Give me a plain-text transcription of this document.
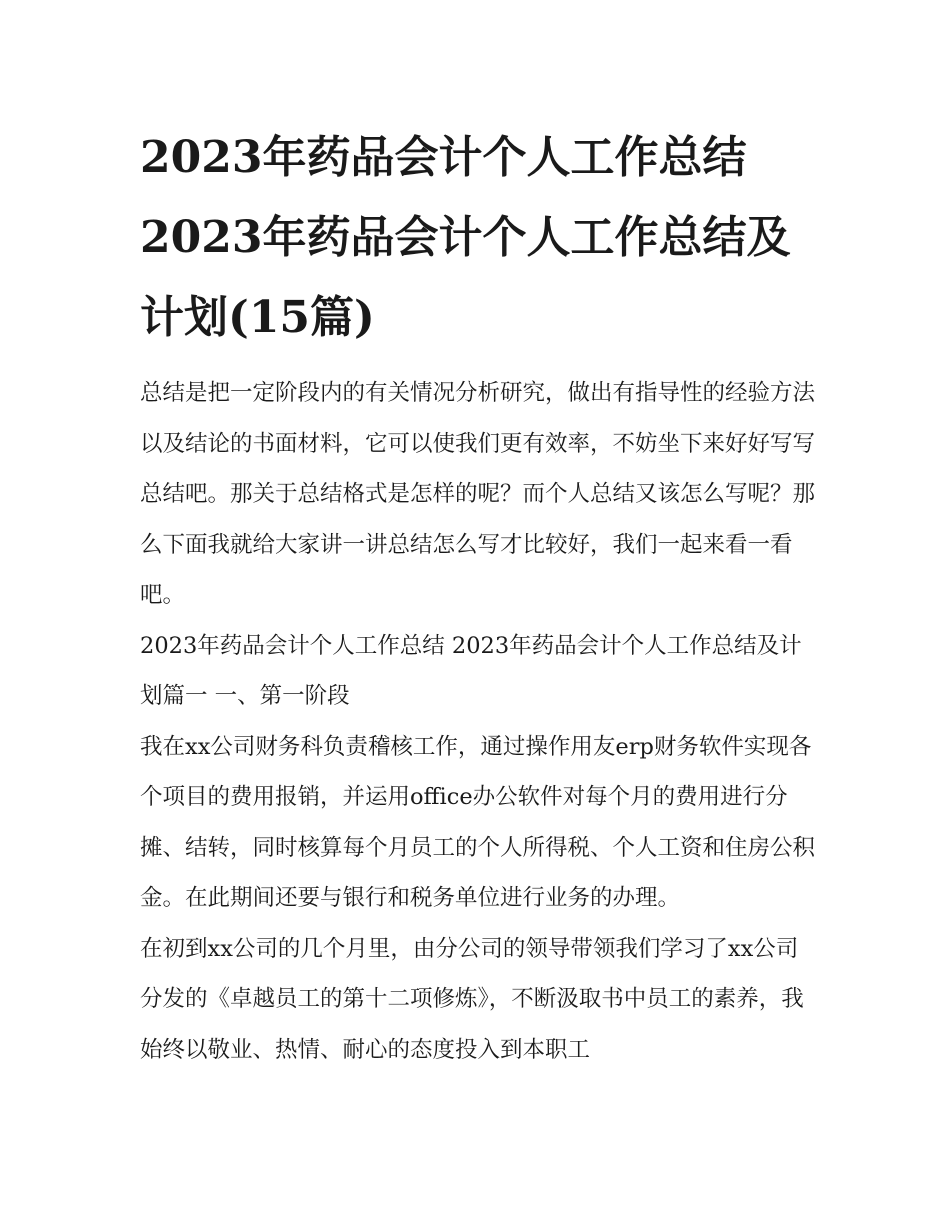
2023年药品会计个人工作总结 2023年药品会计个人工作总结及计划(15篇)

总结是把一定阶段内的有关情况分析研究，做出有指导性的经验方法以及结论的书面材料，它可以使我们更有效率，不妨坐下来好好写写总结吧。那关于总结格式是怎样的呢？而个人总结又该怎么写呢？那么下面我就给大家讲一讲总结怎么写才比较好，我们一起来看一看吧。

2023年药品会计个人工作总结 2023年药品会计个人工作总结及计划篇一 一、第一阶段

我在xx公司财务科负责稽核工作，通过操作用友erp财务软件实现各个项目的费用报销，并运用office办公软件对每个月的费用进行分摊、结转，同时核算每个月员工的个人所得税、个人工资和住房公积金。在此期间还要与银行和税务单位进行业务的办理。

在初到xx公司的几个月里，由分公司的领导带领我们学习了xx公司分发的《卓越员工的第十二项修炼》，不断汲取书中员工的素养，我始终以敬业、热情、耐心的态度投入到本职工
